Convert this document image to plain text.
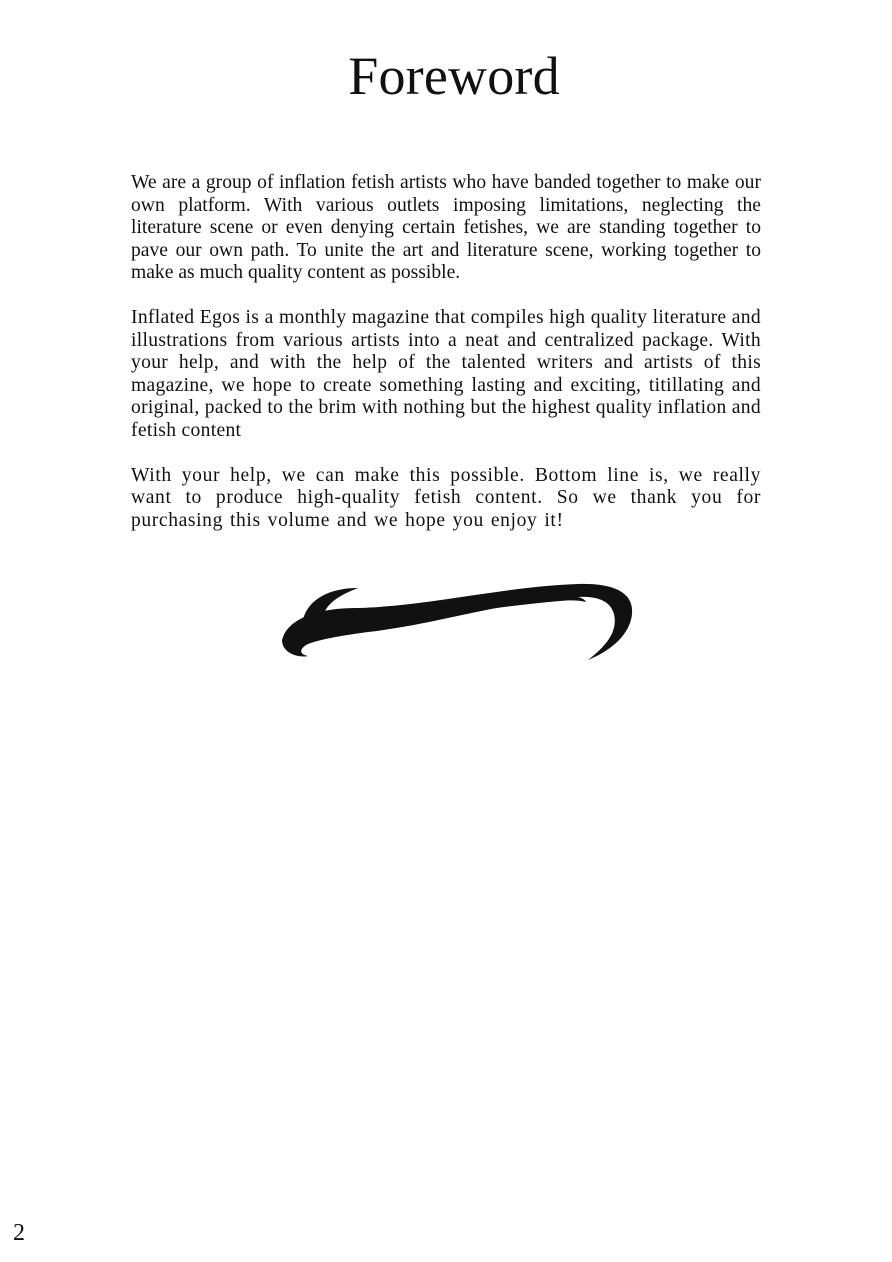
Foreword

We are a group of inflation fetish artists who have banded together to make our own platform. With various outlets imposing limitations, neglecting the literature scene or even denying certain fetishes, we are standing together to pave our own path. To unite the art and literature scene, working together to make as much quality content as possible.

Inflated Egos is a monthly magazine that compiles high quality literature and illustrations from various artists into a neat and centralized package. With your help, and with the help of the talented writers and artists of this magazine, we hope to create something lasting and exciting, titillating and original, packed to the brim with nothing but the highest quality inflation and fetish content

With your help, we can make this possible. Bottom line is, we really want to produce high-quality fetish content. So we thank you for purchasing this volume and we hope you enjoy it!

2
